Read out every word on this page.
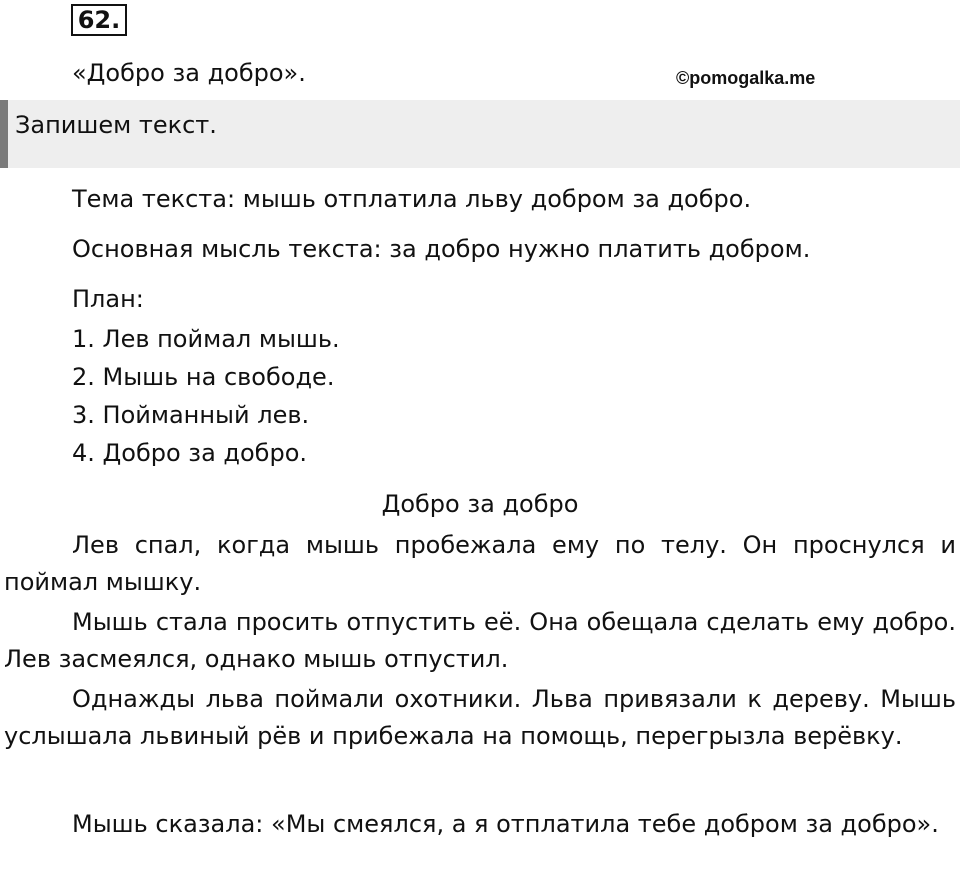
62.
«Добро за добро».	©pomogalka.me
Запишем текст.
Тема текста: мышь отплатила льву добром за добро.
Основная мысль текста: за добро нужно платить добром.
План:
1. Лев поймал мышь.
2. Мышь на свободе.
3. Пойманный лев.
4. Добро за добро.
Добро за добро
Лев спал, когда мышь пробежала ему по телу. Он проснулся и поймал мышку.
Мышь стала просить отпустить её. Она обещала сделать ему добро. Лев засмеялся, однако мышь отпустил.
Однажды льва поймали охотники. Льва привязали к дереву. Мышь услышала львиный рёв и прибежала на помощь, перегрызла верёвку.
Мышь сказала: «Мы смеялся, а я отплатила тебе добром за добро».
